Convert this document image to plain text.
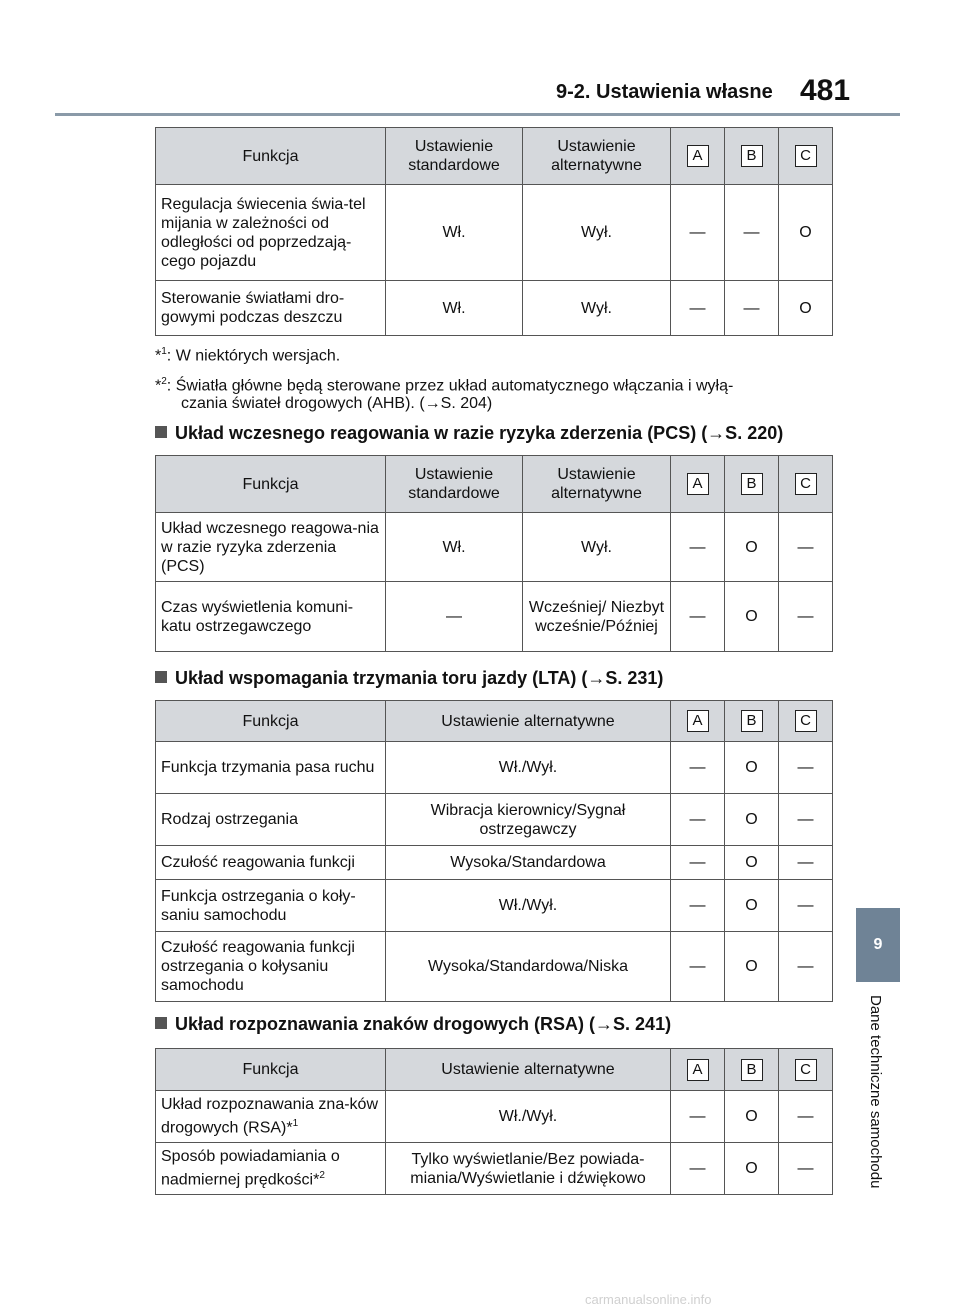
9-2. Ustawienia własne 481
9
Dane techniczne samochodu
Funkcja	Ustawienie standardowe	Ustawienie alternatywne	A	B	C
Regulacja świecenia świa-tel mijania w zależności od odległości od poprzedzają-cego pojazdu	Wł.	Wył.	—	—	O
Sterowanie światłami dro-gowymi podczas deszczu	Wł.	Wył.	—	—	O
*$^1$: W niektórych wersjach.
*$^2$: Światła główne będą sterowane przez układ automatycznego włączania i wyłą-
czania świateł drogowych (AHB). (→S. 204)
Układ wczesnego reagowania w razie ryzyka zderzenia (PCS) (→S. 220)
Funkcja	Ustawienie standardowe	Ustawienie alternatywne	A	B	C
Układ wczesnego reagowa-nia w razie ryzyka zderzenia (PCS)	Wł.	Wył.	—	O	—
Czas wyświetlenia komuni-katu ostrzegawczego	—	Wcześniej/ Niezbyt wcześnie/Później	—	O	—
Układ wspomagania trzymania toru jazdy (LTA) (→S. 231)
Funkcja	Ustawienie alternatywne	A	B	C
Funkcja trzymania pasa ruchu	Wł./Wył.	—	O	—
Rodzaj ostrzegania	Wibracja kierownicy/Sygnał ostrzegawczy	—	O	—
Czułość reagowania funkcji	Wysoka/Standardowa	—	O	—
Funkcja ostrzegania o koły-saniu samochodu	Wł./Wył.	—	O	—
Czułość reagowania funkcji ostrzegania o kołysaniu samochodu	Wysoka/Standardowa/Niska	—	O	—
Układ rozpoznawania znaków drogowych (RSA) (→S. 241)
Funkcja	Ustawienie alternatywne	A	B	C
Układ rozpoznawania zna-ków drogowych (RSA)*$^1$	Wł./Wył.	—	O	—
Sposób powiadamiania o nadmiernej prędkości*$^2$	Tylko wyświetlanie/Bez powiada-miania/Wyświetlanie i dźwiękowo	—	O	—
carmanualsonline.info
